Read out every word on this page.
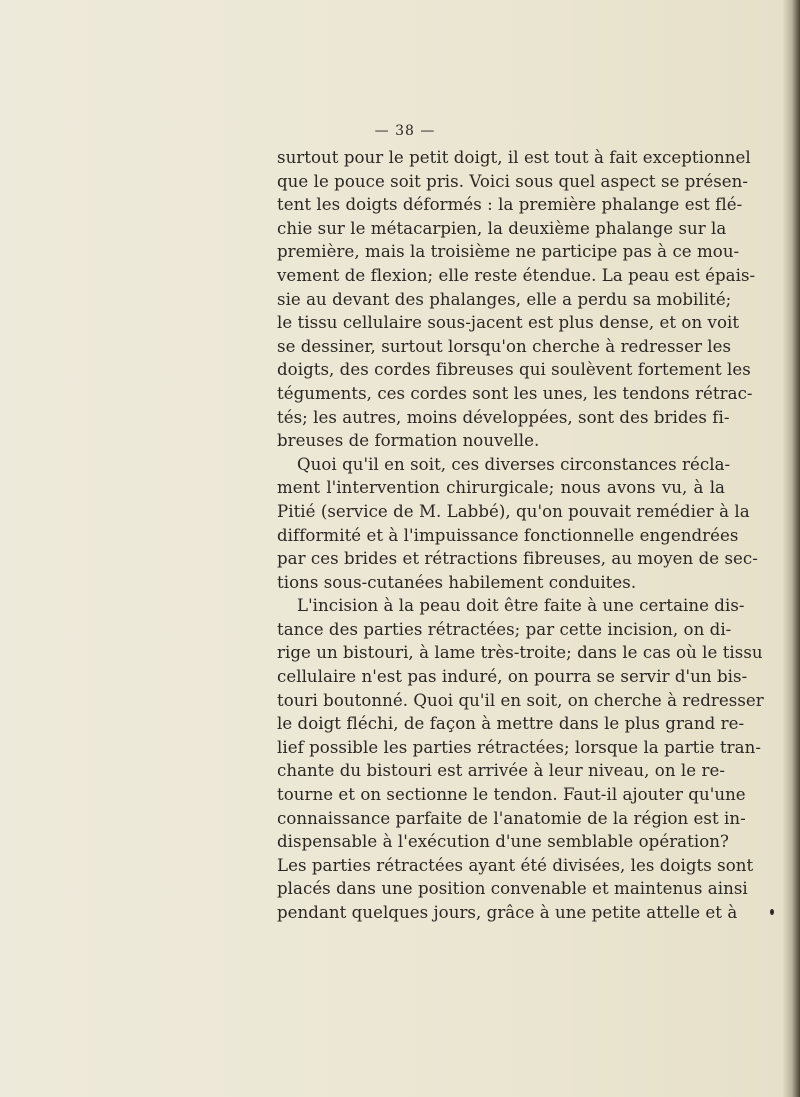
— 38 —
surtout pour le petit doigt, il est tout à fait exceptionnel
que le pouce soit pris. Voici sous quel aspect se présen-
tent les doigts déformés : la première phalange est flé-
chie sur le métacarpien, la deuxième phalange sur la
première, mais la troisième ne participe pas à ce mou-
vement de flexion; elle reste étendue. La peau est épais-
sie au devant des phalanges, elle a perdu sa mobilité;
le tissu cellulaire sous-jacent est plus dense, et on voit
se dessiner, surtout lorsqu'on cherche à redresser les
doigts, des cordes fibreuses qui soulèvent fortement les
téguments, ces cordes sont les unes, les tendons rétrac-
tés; les autres, moins développées, sont des brides fi-
breuses de formation nouvelle.
Quoi qu'il en soit, ces diverses circonstances récla-
ment l'intervention chirurgicale; nous avons vu, à la
Pitié (service de M. Labbé), qu'on pouvait remédier à la
difformité et à l'impuissance fonctionnelle engendrées
par ces brides et rétractions fibreuses, au moyen de sec-
tions sous-cutanées habilement conduites.
L'incision à la peau doit être faite à une certaine dis-
tance des parties rétractées; par cette incision, on di-
rige un bistouri, à lame très-troite; dans le cas où le tissu
cellulaire n'est pas induré, on pourra se servir d'un bis-
touri boutonné. Quoi qu'il en soit, on cherche à redresser
le doigt fléchi, de façon à mettre dans le plus grand re-
lief possible les parties rétractées; lorsque la partie tran-
chante du bistouri est arrivée à leur niveau, on le re-
tourne et on sectionne le tendon. Faut-il ajouter qu'une
connaissance parfaite de l'anatomie de la région est in-
dispensable à l'exécution d'une semblable opération?
Les parties rétractées ayant été divisées, les doigts sont
placés dans une position convenable et maintenus ainsi
pendant quelques jours, grâce à une petite attelle et à
